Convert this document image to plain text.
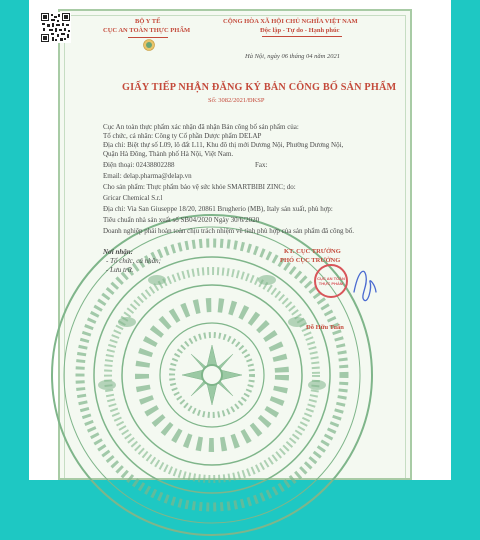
BỘ Y TẾ
CỤC AN TOÀN THỰC PHẨM
CỘNG HÒA XÃ HỘI CHỦ NGHĨA VIỆT NAM
Độc lập - Tự do - Hạnh phúc
Hà Nội, ngày 06 tháng 04 năm 2021
GIẤY TIẾP NHẬN ĐĂNG KÝ BẢN CÔNG BỐ SẢN PHẨM
Số: 3082/2021/ĐKSP
Cục An toàn thực phẩm xác nhận đã nhận Bản công bố sản phẩm của:
Tổ chức, cá nhân: Công ty Cổ phần Dược phẩm DELAP
Địa chỉ: Biệt thự số L09, lô đất L11, Khu đô thị mới Dương Nội, Phường Dương Nội,
Quận Hà Đông, Thành phố Hà Nội, Việt Nam.
Điện thoại: 02438802288	Fax:
Email: delap.pharma@delap.vn
Cho sản phẩm: Thực phẩm bảo vệ sức khỏe SMARTBIBI ZINC; do:
Gricar Chemical S.r.l
Địa chỉ: Via San Giuseppe 18/20, 20861 Brugherio (MB), Italy sản xuất, phù hợp:
Tiêu chuẩn nhà sản xuất số SB04/2020 Ngày 30/6/2020
Doanh nghiệp phải hoàn toàn chịu trách nhiệm về tính phù hợp của sản phẩm đã công bố.
Nơi nhận:
- Tổ chức, cá nhân;
- Lưu trữ.
KT. CỤC TRƯỞNG
PHÓ CỤC TRƯỞNG
CỤC AN TOÀN THỰC PHẨM
Đỗ Hữu Tuấn
